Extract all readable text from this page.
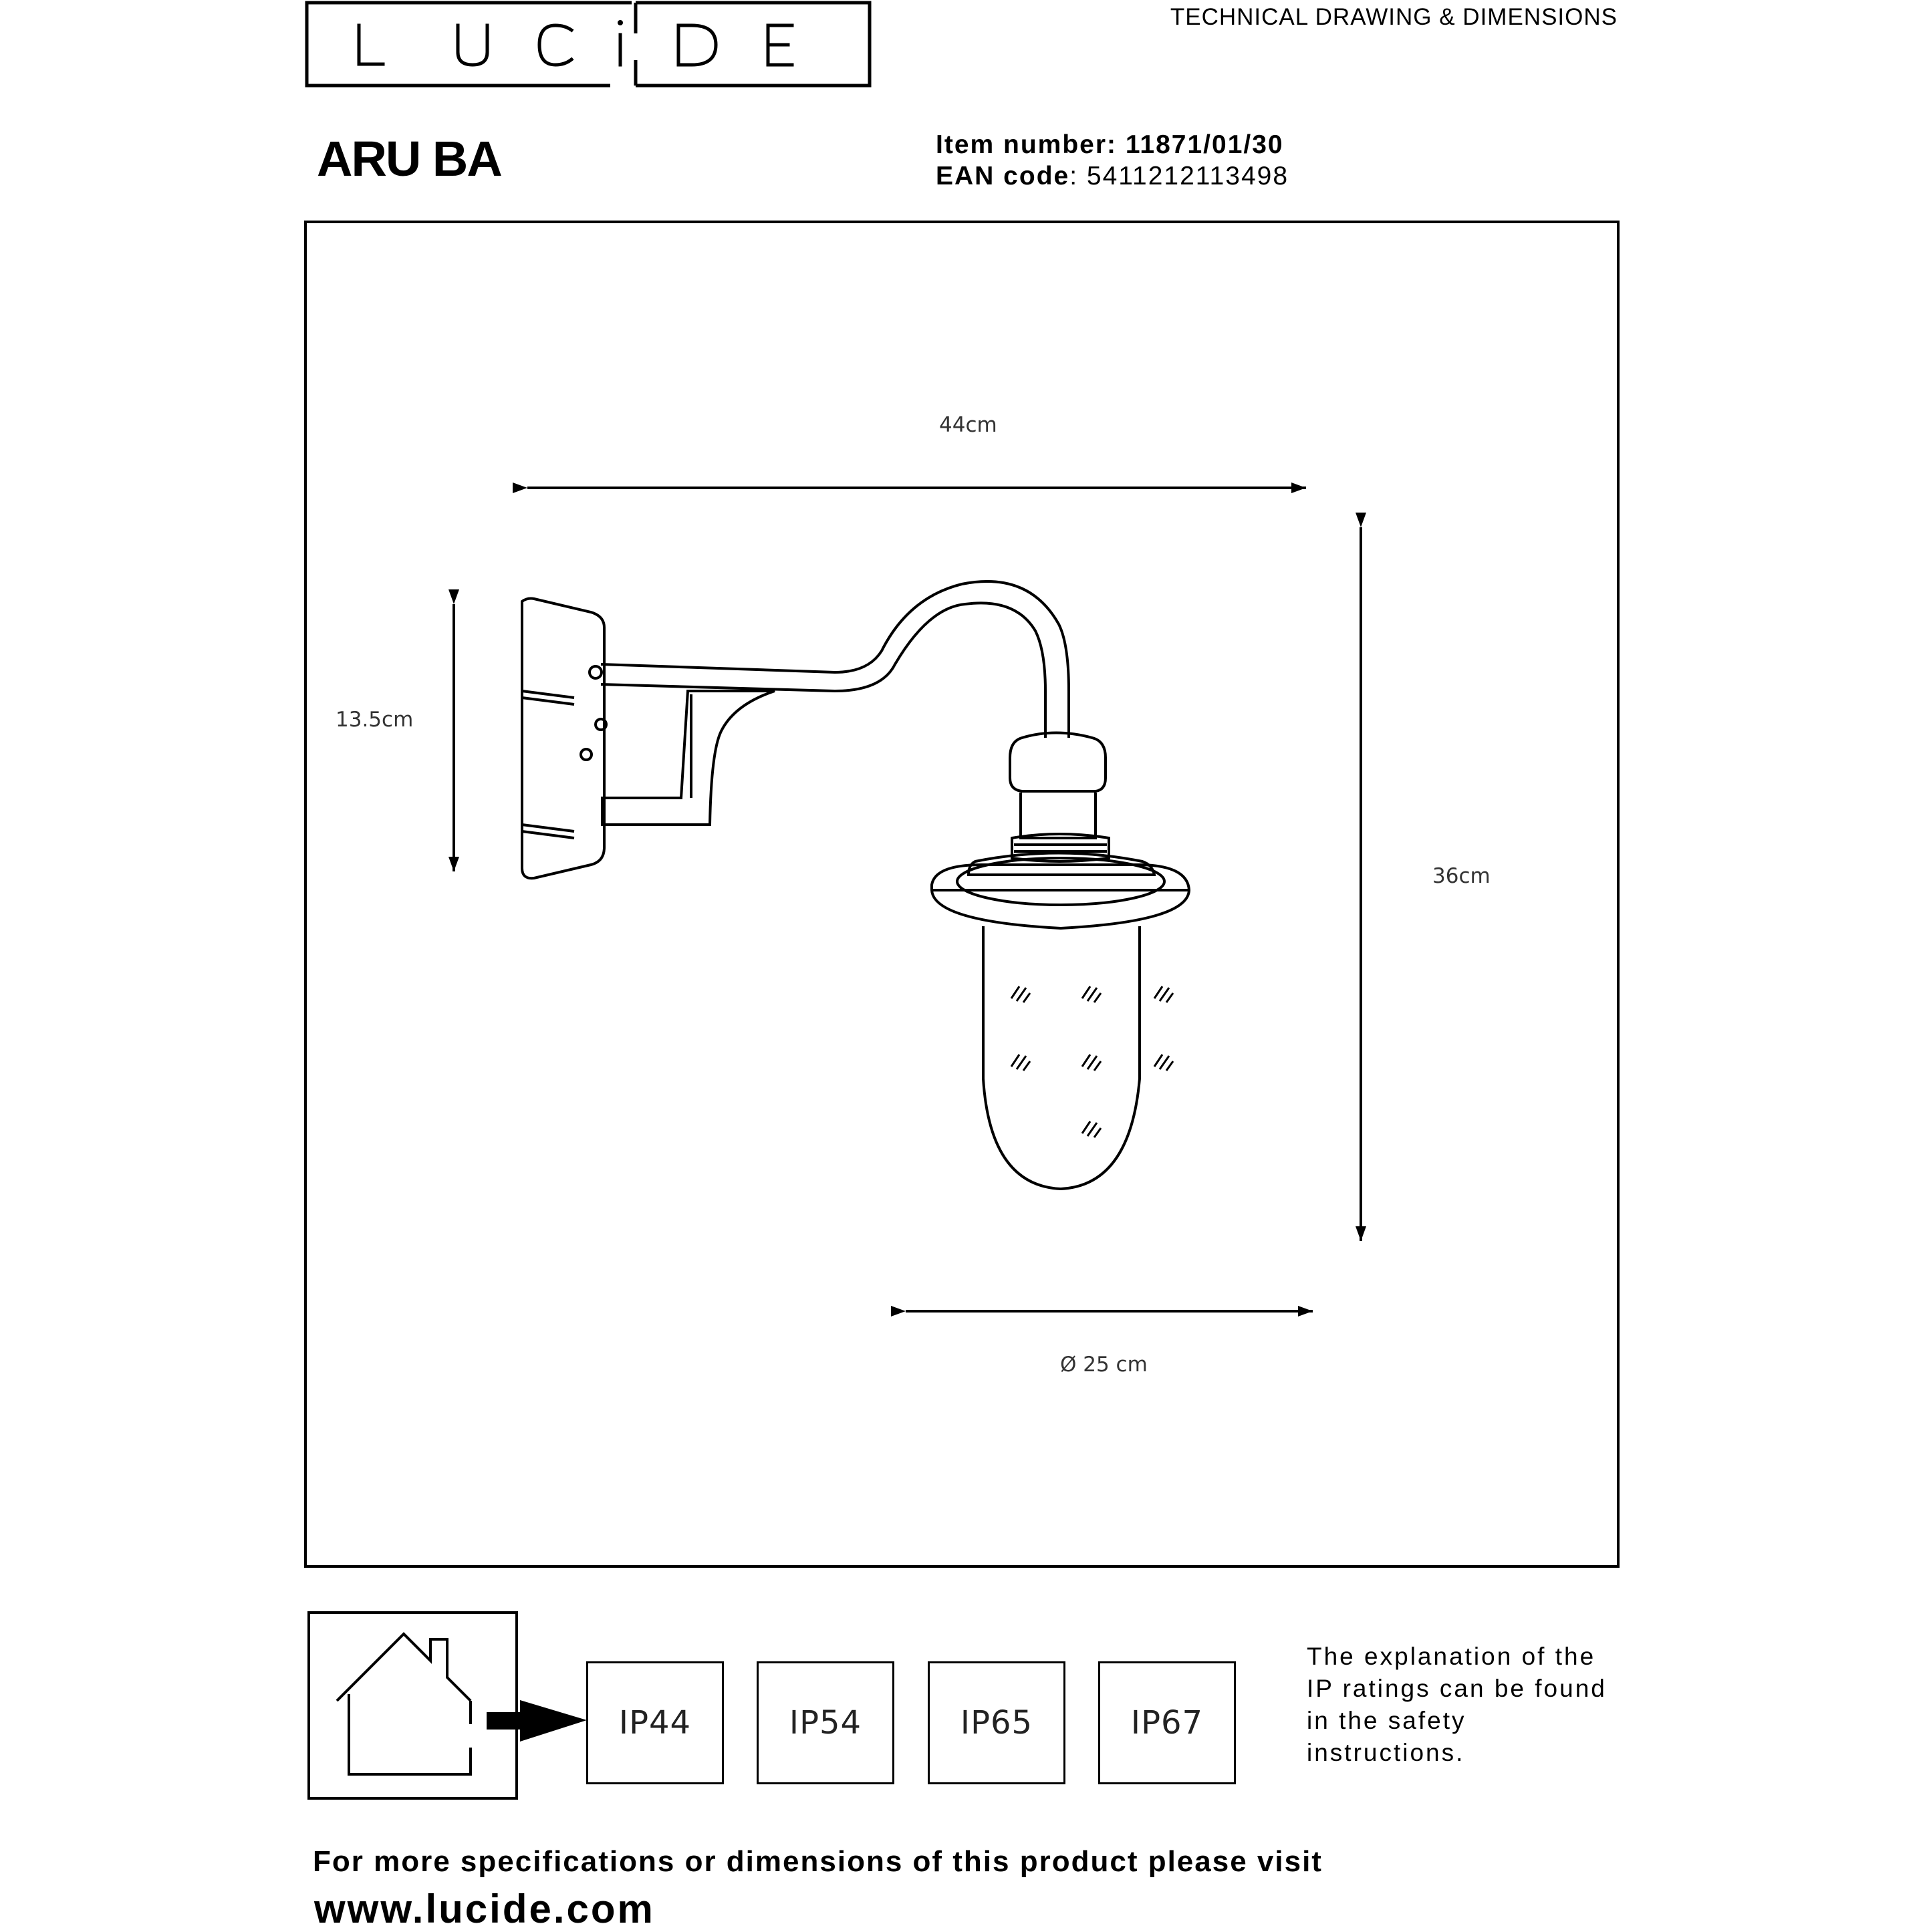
TECHNICAL DRAWING & DIMENSIONS
ARU BA	Item number: 11871/01/30
EAN code: 5411212113498
44cm
13.5cm
36cm
Ø 25 cm
IP44	IP54	IP65	IP67
The explanation of the IP ratings can be found in the safety instructions.
For more specifications or dimensions of this product please visit
www.lucide.com
